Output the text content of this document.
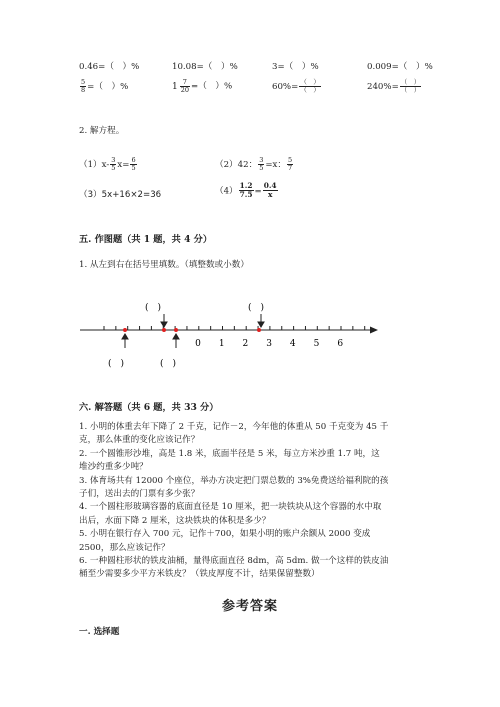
0.46=（　）%	10.08=（　）%	3=（　）%	0.009=（　）%
$\frac{5}{8}$ =（　）%	$1 \frac{7}{20}$ =（　）%	$60\%= \frac{( )}{( )}$	$240\%= \frac{( )}{( )}$
2. 解方程。
$(1)x- \frac{3}{5} x= \frac{6}{5}$	（2）42： $\frac{3}{5} =x$： $\frac{5}{7}$
（3）5x+16×2=36	$(4) \frac{1.2}{7.5} = \frac{0.4}{x}$
五. 作图题（共 1 题，共 4 分）
1. 从左到右在括号里填数。（填整数或小数）
(　)	(　)
(　)	(　)
0 1 2 3 4 5 6
六. 解答题（共 6 题，共 33 分）
1. 小明的体重去年下降了 2 千克，记作－2，今年他的体重从 50 千克变为 45 千
克，那么体重的变化应该记作？
2. 一个圆锥形沙堆，高是 1.8 米，底面半径是 5 米，每立方米沙重 1.7 吨，这
堆沙约重多少吨？
3. 体育场共有 12000 个座位，举办方决定把门票总数的 3%免费送给福利院的孩
子们，送出去的门票有多少张？
4. 一个圆柱形玻璃容器的底面直径是 10 厘米，把一块铁块从这个容器的水中取
出后，水面下降 2 厘米，这块铁块的体积是多少？
5. 小明在银行存入 700 元，记作＋700，如果小明的账户余额从 2000 变成
2500，那么应该记作？
6. 一种圆柱形状的铁皮油桶，量得底面直径 8dm，高 5dm. 做一个这样的铁皮油
桶至少需要多少平方米铁皮？（铁皮厚度不计，结果保留整数）
参考答案
一. 选择题
